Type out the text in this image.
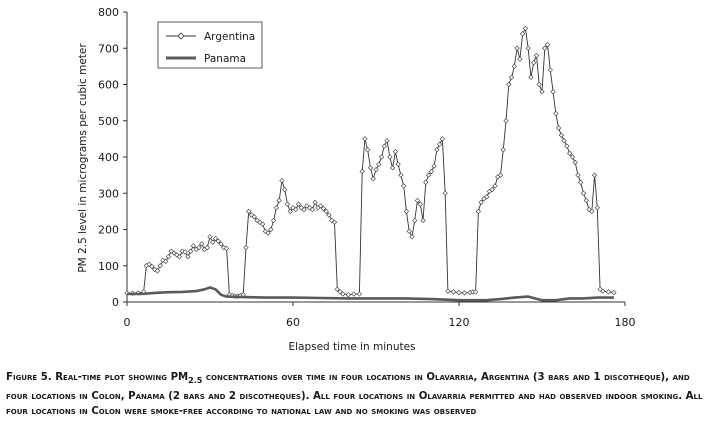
0
100
200
300
400
500
600
700
800
0	60	120	180
PM 2.5 level in micrograms per cubic meter
Elapsed time in minutes
Argentina
Panama
Figure 5. Real-time plot showing $PM_{2.5}$ concentrations over time in four locations in Olavarria, Argentina (3 bars and 1 discotheque), and four locations in Colon, Panama (2 bars and 2 discotheques). All four locations in Olavarria permitted and had observed indoor smoking. All four locations in Colon were smoke-free according to national law and no smoking was observed
